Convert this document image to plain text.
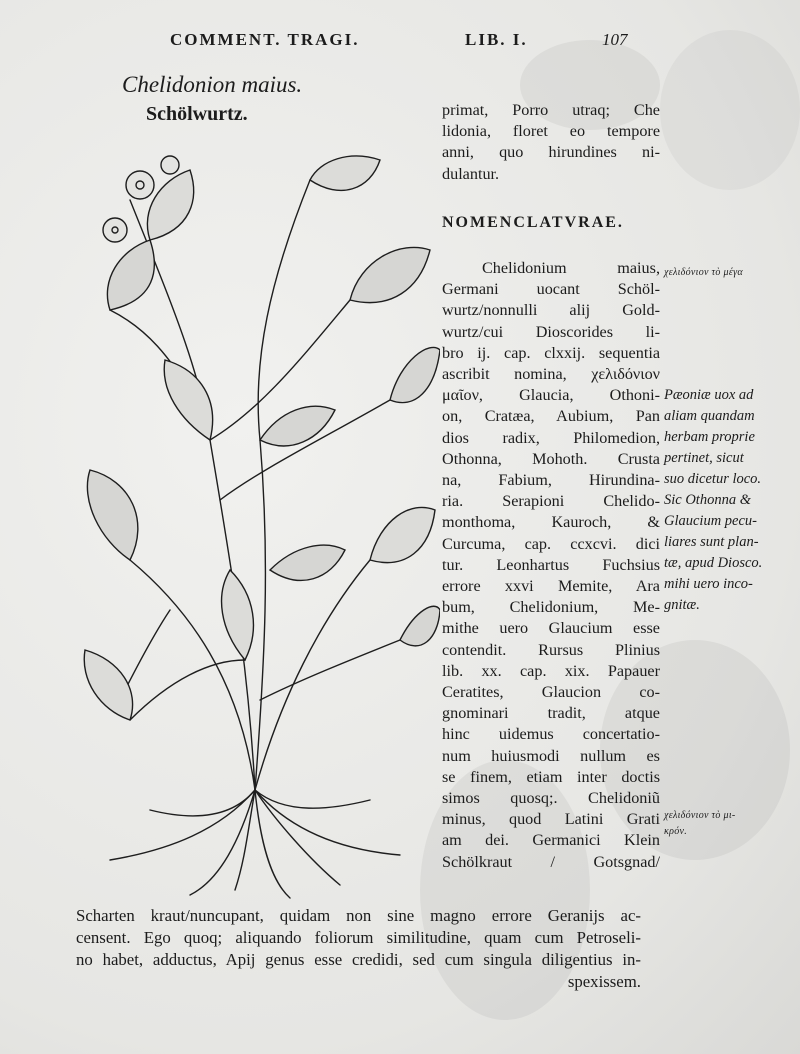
COMMENT. TRAGI.	LIB. I.	107
Chelidonion maius.
Schölwurtz.	primat, Porro utraq; Che
lidonia, floret eo tempore
anni, quo hirundines ni-
dulantur.
NOMENCLATVRAE.
Chelidonium maius,
Germani uocant Schöl-
wurtz/nonnulli alij Gold-
wurtz/cui Dioscorides li-
bro ij. cap. clxxij. sequentia
ascribit nomina, χελιδόνιον
μαῖον, Glaucia, Othoni-
on, Cratæa, Aubium, Pan
dios radix, Philomedion,
Othonna, Mohoth. Crusta
na, Fabium, Hirundina-
ria. Serapioni Chelido-
monthoma, Kauroch, &
Curcuma, cap. ccxcvi. dici
tur. Leonhartus Fuchsius
errore xxvi Memite, Ara
bum, Chelidonium, Me-
mithe uero Glaucium esse
contendit. Rursus Plinius
lib. xx. cap. xix. Papauer
Ceratites, Glaucion co-
gnominari tradit, atque
hinc uidemus concertatio-
num huiusmodi nullum es
se finem, etiam inter doctis
simos quosq;. Chelidoniũ
minus, quod Latini Grati
am dei. Germanici Klein
Schölkraut / Gotsgnad/
χελιδόνιον τὸ μέγα
Pæoniæ uox ad
aliam quandam
herbam proprie
pertinet, sicut
suo dicetur loco.
Sic Othonna &
Glaucium pecu-
liares sunt plan-
tæ, apud Diosco.
mihi uero inco-
gnitæ.
χελιδόνιον τὸ μι-
κρόν.
Scharten kraut/nuncupant, quidam non sine magno errore Geranijs ac-
censent. Ego quoq; aliquando foliorum similitudine, quam cum Petroseli-
no habet, adductus, Apij genus esse credidi, sed cum singula diligentius in-
spexissem.
